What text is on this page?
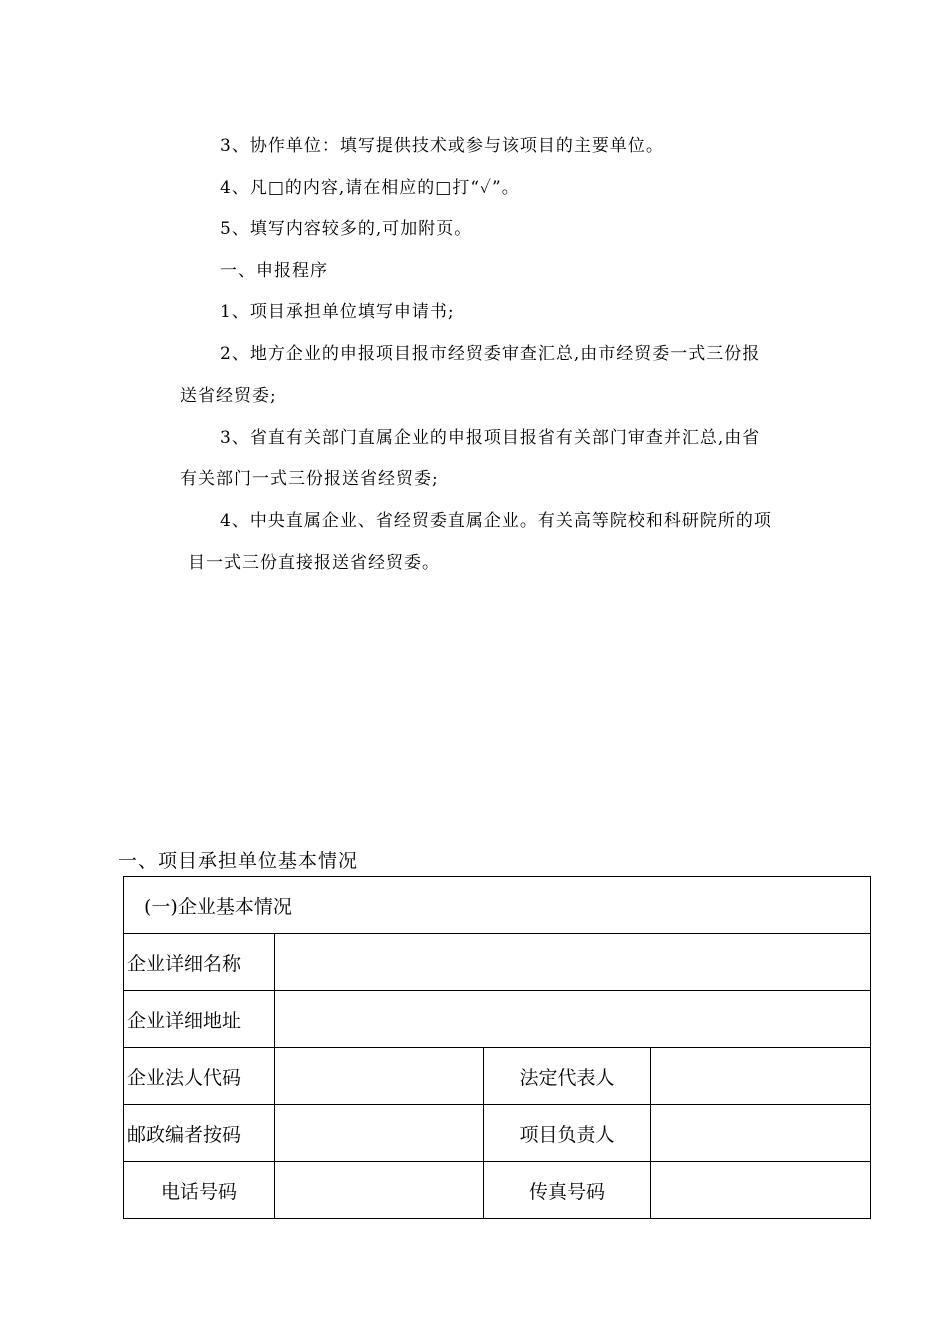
3、协作单位：填写提供技术或参与该项目的主要单位。
4、凡□的内容,请在相应的□打“✓”。
5、填写内容较多的,可加附页。
一、申报程序
1、项目承担单位填写申请书;
2、地方企业的申报项目报市经贸委审查汇总,由市经贸委一式三份报
送省经贸委;
3、省直有关部门直属企业的申报项目报省有关部门审查并汇总,由省
有关部门一式三份报送省经贸委;
4、中央直属企业、省经贸委直属企业。有关高等院校和科研院所的项
目一式三份直接报送省经贸委。
一、项目承担单位基本情况
(一)企业基本情况			
企业详细名称			
企业详细地址			
企业法人代码		法定代表人	
邮政编者按码		项目负责人	
电话号码		传真号码	
